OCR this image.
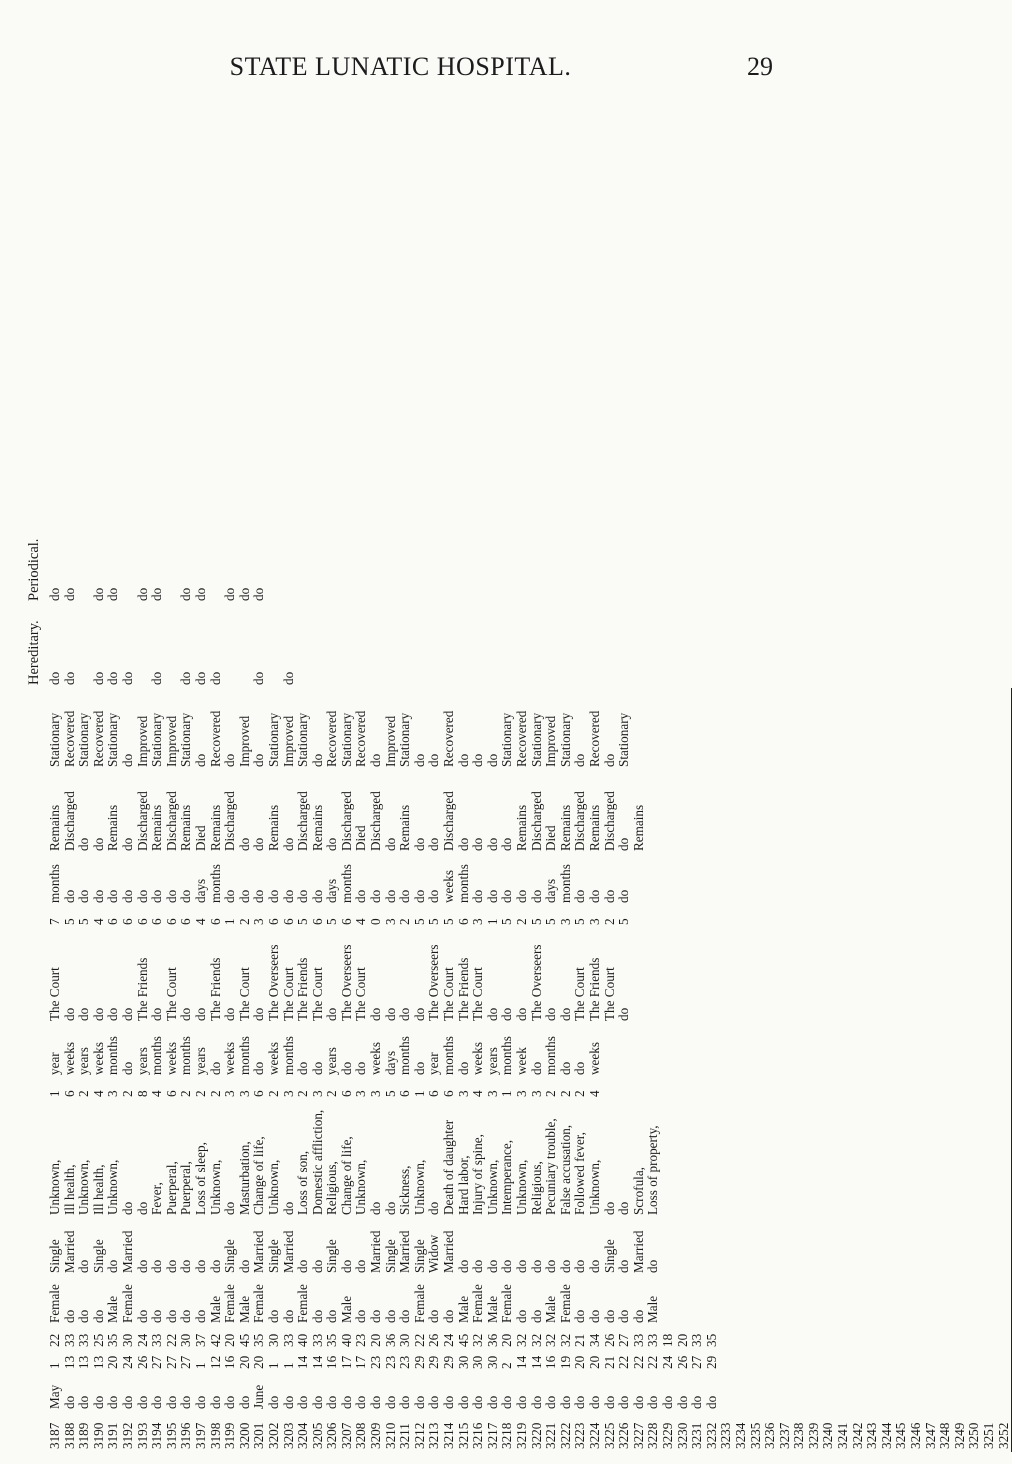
STATE LUNATIC HOSPITAL.	29
3187 3188 3189 3190 3191 3192 3193 3194 3195 3196 3197 3198 3199 3200 3201 3202 3203 3204 3205 3206 3207 3208 3209 3210 3211 3212 3213 3214 3215 3216 3217 3218 3219 3220 3221 3222 3223 3224 3225 3226 3227 3228 3229 3230 3231 3232 3233 3234 3235 3236 3237 3238 3239 3240 3241 3242 3243 3244 3245 3246 3247 3248 3249 3250 3251 3252
May do do do do do do do do do do do do do June do do do do do do do do do do do do do do do do do do do do do do do do do do do do do do do
1 13 13 13 20 24 26 27 27 27 1 12 16 20 20 1 1 14 14 16 17 17 23 23 23 29 29 29 30 30 30 2 14 14 16 19 20 20 21 22 22 22 24 26 27 29
22 33 33 25 35 30 24 33 22 30 37 42 20 45 35 30 33 40 33 35 40 23 20 36 30 22 26 24 45 32 36 20 32 32 32 32 21 34 26 27 33 33 18 20 33 35
Female do do do Male Female do do do do do Male Female Male Female do do Female do do Male do do do do Female do do Male Female Male Female do do Male Female do do do do do Male
Single Married do Single do Married do do do do do do Single do Married Single Married do do Single do do Married Single Married Single Widow Married do do do do do do do do do do Single do Married do
Unknown, Ill health, Unknown, Ill health, Unknown, do do Fever, Puerperal, Puerperal, Loss of sleep, Unknown, do Masturbation, Change of life, Unknown, do Loss of son, Domestic affliction, Religious, Change of life, Unknown, do do Sickness, Unknown, do Death of daughter Hard labor, Injury of spine, Unknown, Intemperance, Unknown, Religious, Pecuniary trouble, False accusation, Followed fever, Unknown, do do Scrofula, Loss of property,
1 6 2 4 3 2 8 4 6 2 2 2 3 3 6 2 3 2 3 2 6 3 3 5 6 1 6 6 3 4 3 1 3 3 2 2 2 4
year weeks years weeks months do years months weeks months years do weeks months do weeks months do do years do do weeks days months do year months do weeks years months week do months do do weeks
The Court do do do do do The Friends do The Court do do The Friends do The Court do The Overseers The Court The Friends The Court do The Overseers The Court do do do do The Overseers The Court The Friends The Court do do do The Overseers do do The Court The Friends The Court do
7 5 5 4 6 6 6 6 6 6 4 6 1 2 3 6 6 5 6 5 6 4 0 3 2 5 5 5 6 3 1 5 2 5 5 3 5 3 2 5
months do do do do do do do do do days months do do do do do do do days months do do do do do do weeks months do do do do do days months do do do do
Remains Discharged do do Remains do Discharged Remains Discharged Remains Died Remains Discharged do do Remains do Discharged Remains do Discharged Died Discharged do Remains do do Discharged do do do do Remains Discharged Died Remains Discharged Remains Discharged do Remains
Stationary Recovered Stationary Recovered Stationary do Improved Stationary Improved Stationary do Recovered do Improved do Stationary Improved Stationary do Recovered Stationary Recovered do Improved Stationary do do Recovered do do do Stationary Recovered Stationary Improved Stationary do Recovered do Stationary
Hereditary. do do do do do do do do do do do
Periodical. do do do do do do do do do do do
